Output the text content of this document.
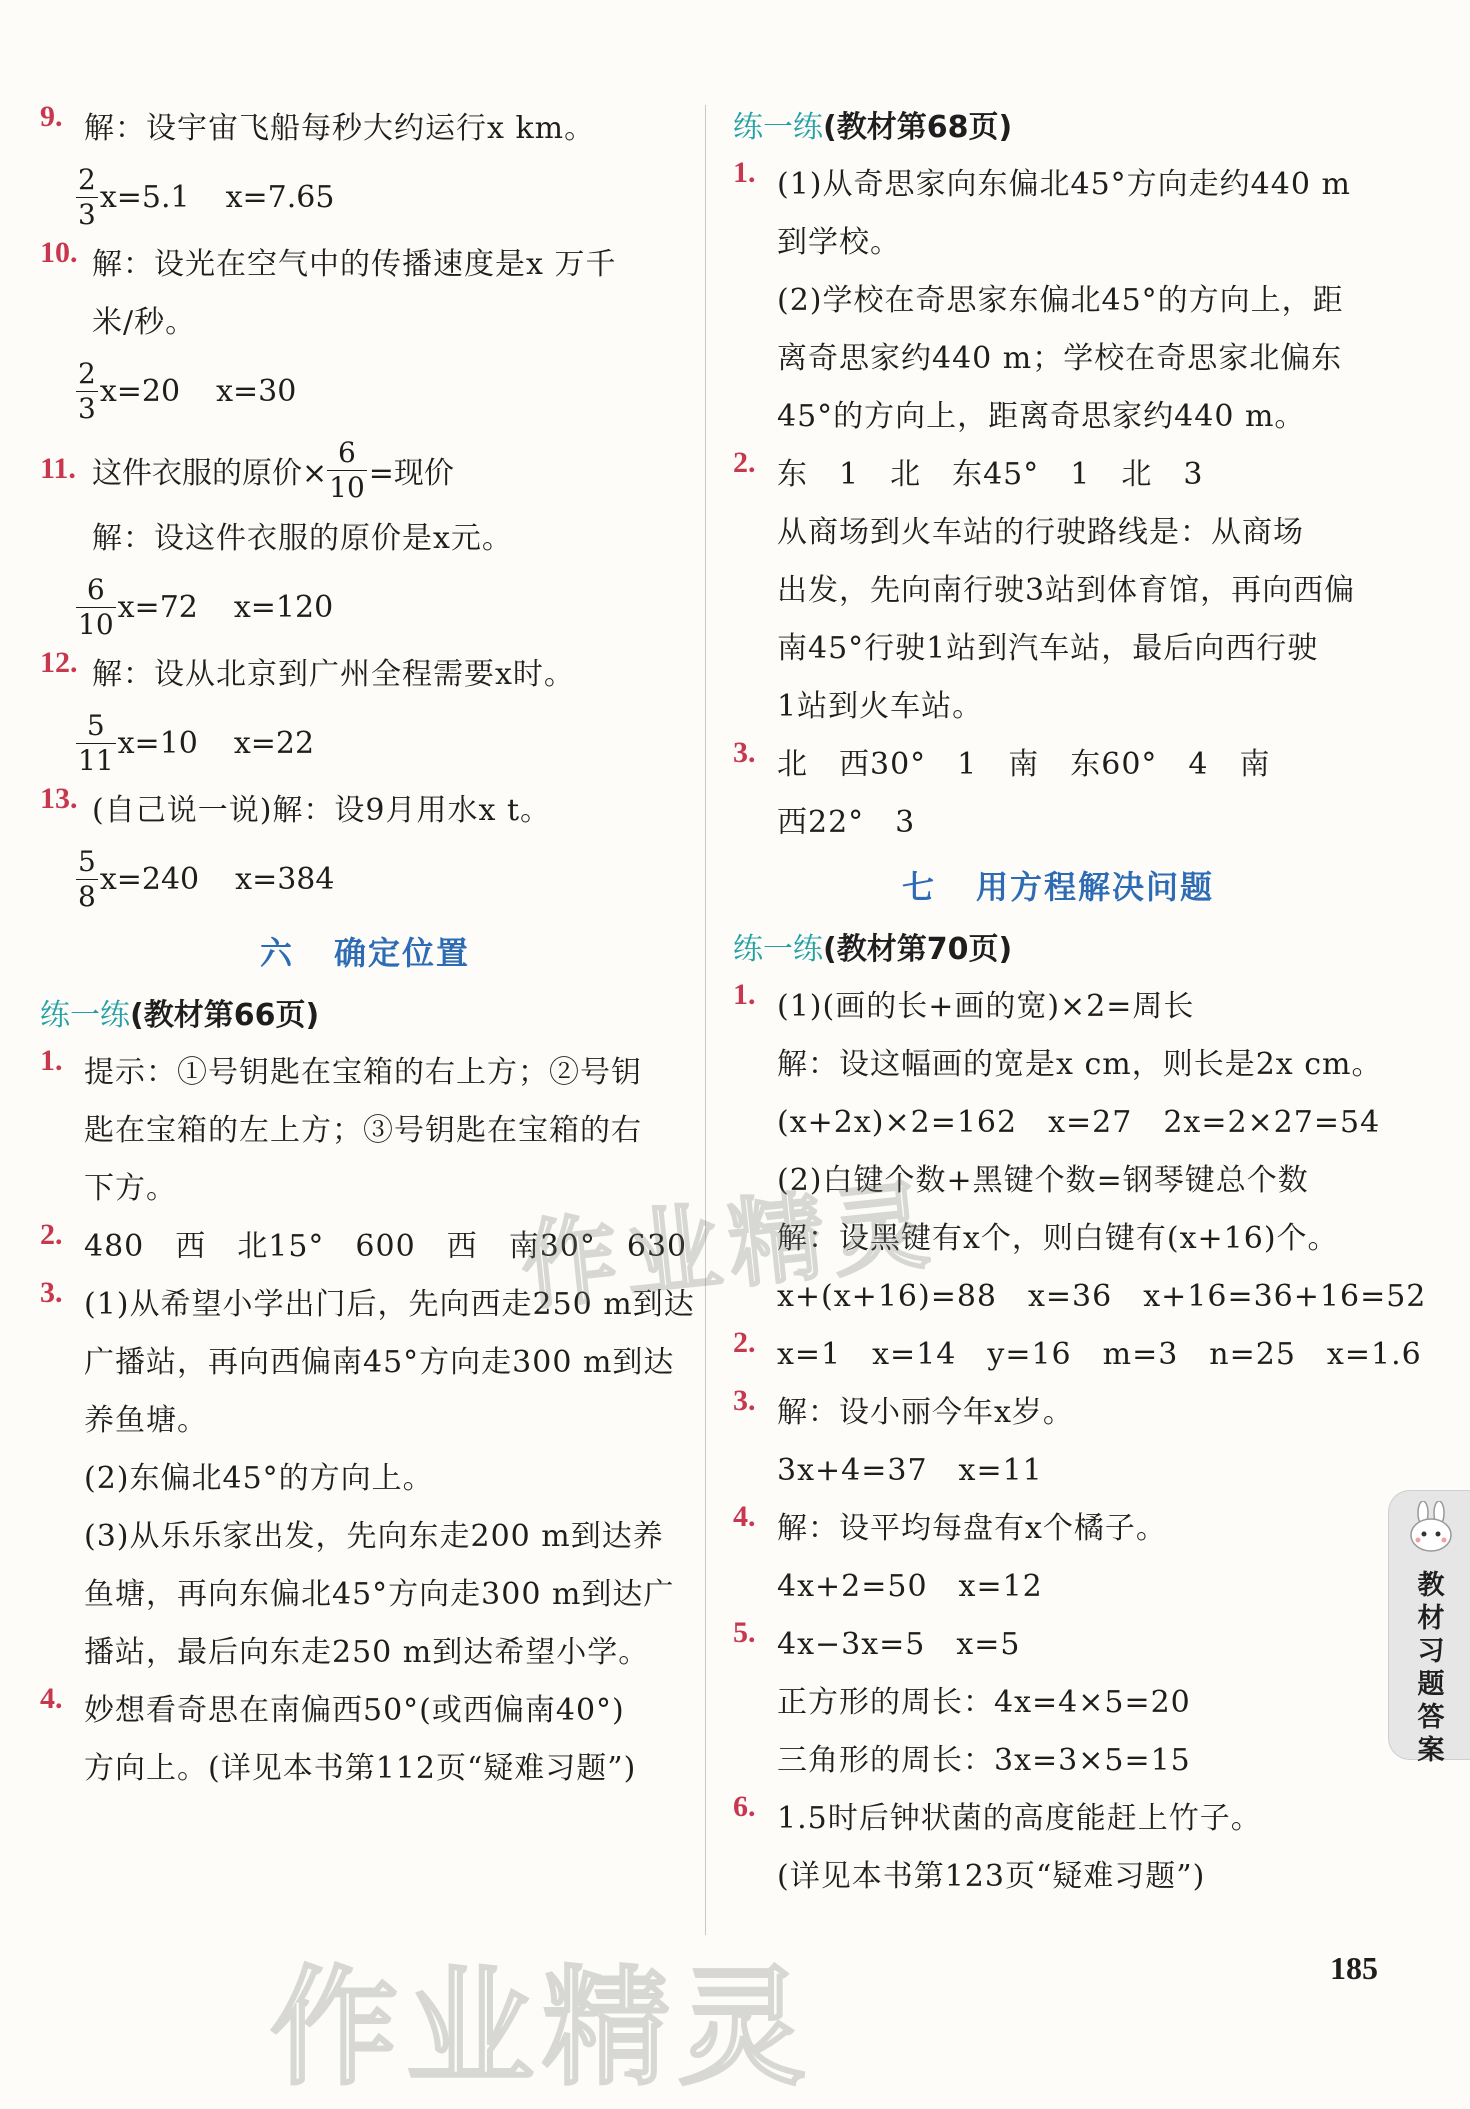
9. 解：设宇宙飞船每秒大约运行x km。
$\frac{2}{3} x=5.1$ x=7.65
10. 解：设光在空气中的传播速度是x 万千
米/秒。
$\frac{2}{3} x=20$ x=30
11. 这件衣服的原价× $\frac{6}{10}$ =现价
解：设这件衣服的原价是x元。
$\frac{6}{10} x=72$ x=120
12. 解：设从北京到广州全程需要x时。
$\frac{5}{11} x=10$ x=22
13. (自己说一说)解：设9月用水x t。
$\frac{5}{8} x=240$ x=384
六 确定位置
练一练(教材第66页)
1. 提示：①号钥匙在宝箱的右上方；②号钥
匙在宝箱的左上方；③号钥匙在宝箱的右
下方。
2. 480　西　北15°　600　西　南30°　630
3. (1)从希望小学出门后，先向西走250 m到达
广播站，再向西偏南45°方向走300 m到达
养鱼塘。
(2)东偏北45°的方向上。
(3)从乐乐家出发，先向东走200 m到达养
鱼塘，再向东偏北45°方向走300 m到达广
播站，最后向东走250 m到达希望小学。
4. 妙想看奇思在南偏西50°(或西偏南40°)
方向上。(详见本书第112页“疑难习题”)
练一练(教材第68页)
1. (1)从奇思家向东偏北45°方向走约440 m
到学校。
(2)学校在奇思家东偏北45°的方向上，距
离奇思家约440 m；学校在奇思家北偏东
45°的方向上，距离奇思家约440 m。
2. 东　1　北　东45°　1　北　3
从商场到火车站的行驶路线是：从商场
出发，先向南行驶3站到体育馆，再向西偏
南45°行驶1站到汽车站，最后向西行驶
1站到火车站。
3. 北　西30°　1　南　东60°　4　南
西22°　3
七 用方程解决问题
练一练(教材第70页)
1. (1)(画的长+画的宽)×2=周长
解：设这幅画的宽是x cm，则长是2x cm。
(x+2x)×2=162　x=27　2x=2×27=54
(2)白键个数+黑键个数=钢琴键总个数
解：设黑键有x个，则白键有(x+16)个。
x+(x+16)=88　x=36　x+16=36+16=52
2. x=1　x=14　y=16　m=3　n=25　x=1.6
3. 解：设小丽今年x岁。
3x+4=37　x=11
4. 解：设平均每盘有x个橘子。
4x+2=50　x=12
5. 4x−3x=5　x=5
正方形的周长：4x=4×5=20
三角形的周长：3x=3×5=15
6. 1.5时后钟状菌的高度能赶上竹子。
(详见本书第123页“疑难习题”)
教材习题答案
185
作业精灵
作业精灵
